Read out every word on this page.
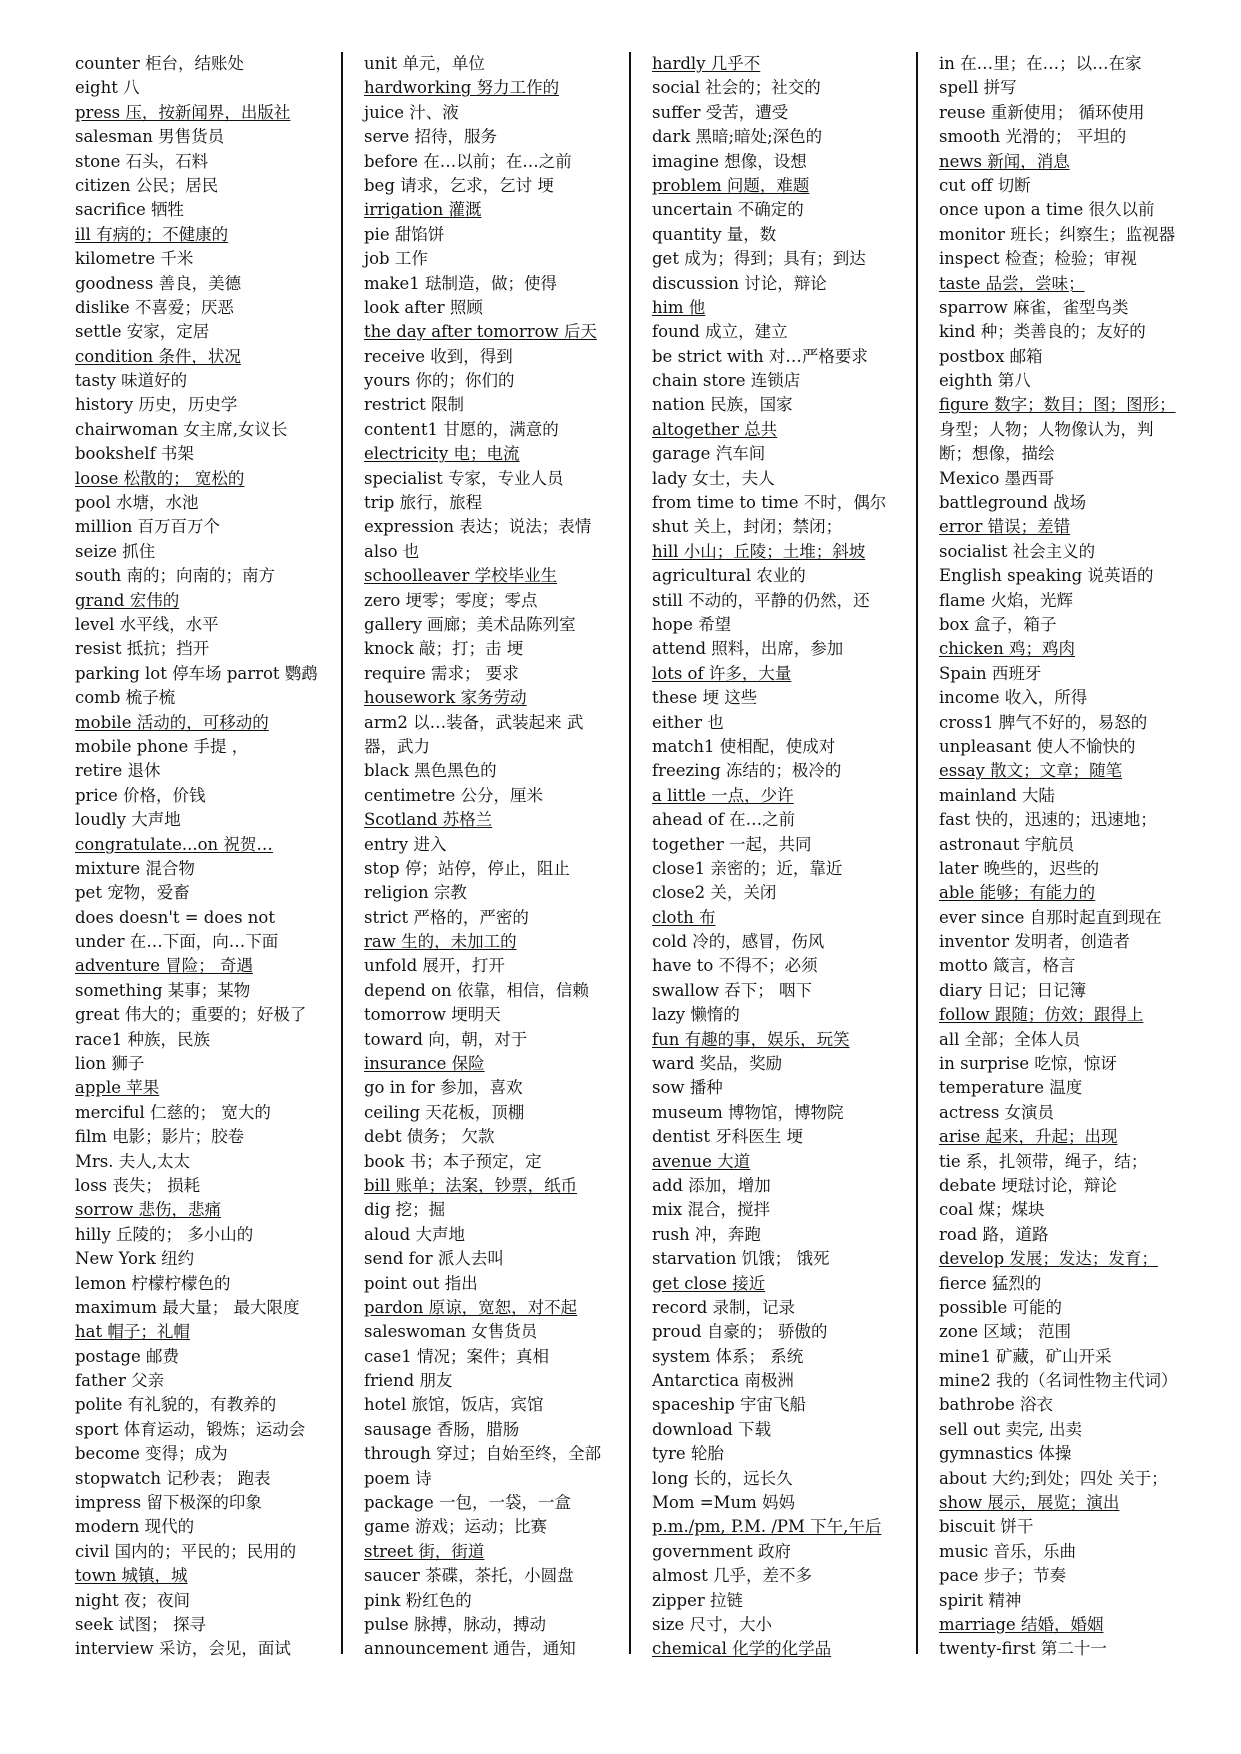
counter 柜台，结账处
eight 八
press 压，按新闻界，出版社
salesman 男售货员
stone 石头，石料
citizen 公民；居民
sacrifice 牺牲
ill 有病的；不健康的
kilometre 千米
goodness 善良，美德
dislike 不喜爱；厌恶
settle 安家，定居
condition 条件，状况
tasty 味道好的
history 历史，历史学
chairwoman 女主席,女议长
bookshelf 书架
loose 松散的； 宽松的
pool 水塘，水池
million 百万百万个
seize 抓住
south 南的；向南的；南方
grand 宏伟的
level 水平线，水平
resist 抵抗；挡开
parking lot 停车场 parrot 鹦鹉
comb 梳子梳
mobile 活动的，可移动的
mobile phone 手提 ，
retire 退休
price 价格，价钱
loudly 大声地
congratulate...on 祝贺…
mixture 混合物
pet 宠物，爱畜
does doesn't = does not
under 在…下面，向…下面
adventure 冒险； 奇遇
something 某事；某物
great 伟大的；重要的；好极了
race1 种族，民族
lion 狮子
apple 苹果
merciful 仁慈的； 宽大的
film 电影；影片；胶卷
Mrs. 夫人,太太
loss 丧失； 损耗
sorrow 悲伤，悲痛
hilly 丘陵的； 多小山的
New York 纽约
lemon 柠檬柠檬色的
maximum 最大量； 最大限度
hat 帽子；礼帽
postage 邮费
father 父亲
polite 有礼貌的，有教养的
sport 体育运动，锻炼；运动会
become 变得；成为
stopwatch 记秒表； 跑表
impress 留下极深的印象
modern 现代的
civil 国内的；平民的；民用的
town 城镇，城
night 夜；夜间
seek 试图； 探寻
interview 采访，会见，面试
unit 单元，单位
hardworking 努力工作的
juice 汁、液
serve 招待，服务
before 在…以前；在…之前
beg 请求，乞求，乞讨 埂
irrigation 灌溉
pie 甜馅饼
job 工作
make1 琺制造，做；使得
look after 照顾
the day after tomorrow 后天
receive 收到，得到
yours 你的；你们的
restrict 限制
content1 甘愿的，满意的
electricity 电；电流
specialist 专家，专业人员
trip 旅行，旅程
expression 表达；说法；表情
also 也
schoolleaver 学校毕业生
zero 埂零；零度；零点
gallery 画廊；美术品陈列室
knock 敲；打；击 埂
require 需求； 要求
housework 家务劳动
arm2 以…装备，武装起来 武
器，武力
black 黑色黑色的
centimetre 公分，厘米
Scotland 苏格兰
entry 进入
stop 停；站停，停止，阻止
religion 宗教
strict 严格的，严密的
raw 生的，未加工的
unfold 展开，打开
depend on 依靠，相信，信赖
tomorrow 埂明天
toward 向，朝，对于
insurance 保险
go in for 参加，喜欢
ceiling 天花板，顶棚
debt 债务； 欠款
book 书；本子预定，定
bill 账单；法案，钞票，纸币
dig 挖；掘
aloud 大声地
send for 派人去叫
point out 指出
pardon 原谅，宽恕，对不起
saleswoman 女售货员
case1 情况；案件；真相
friend 朋友
hotel 旅馆，饭店，宾馆
sausage 香肠，腊肠
through 穿过；自始至终，全部
poem 诗
package 一包，一袋，一盒
game 游戏；运动；比赛
street 街，街道
saucer 茶碟，茶托，小圆盘
pink 粉红色的
pulse 脉搏，脉动，搏动
announcement 通告，通知
hardly 几乎不
social 社会的；社交的
suffer 受苦，遭受
dark 黑暗;暗处;深色的
imagine 想像，设想
problem 问题，难题
uncertain 不确定的
quantity 量，数
get 成为；得到；具有；到达
discussion 讨论，辩论
him 他
found 成立，建立
be strict with 对…严格要求
chain store 连锁店
nation 民族，国家
altogether 总共
garage 汽车间
lady 女士，夫人
from time to time 不时，偶尔
shut 关上，封闭；禁闭；
hill 小山；丘陵；土堆；斜坡
agricultural 农业的
still 不动的，平静的仍然，还
hope 希望
attend 照料，出席，参加
lots of 许多，大量
these 埂 这些
either 也
match1 使相配，使成对
freezing 冻结的；极冷的
a little 一点，少许
ahead of 在…之前
together 一起，共同
close1 亲密的；近，靠近
close2 关，关闭
cloth 布
cold 冷的，感冒，伤风
have to 不得不；必须
swallow 吞下； 咽下
lazy 懒惰的
fun 有趣的事，娱乐，玩笑
ward 奖品，奖励
sow 播种
museum 博物馆，博物院
dentist 牙科医生 埂
avenue 大道
add 添加，增加
mix 混合，搅拌
rush 冲，奔跑
starvation 饥饿； 饿死
get close 接近
record 录制，记录
proud 自豪的； 骄傲的
system 体系； 系统
Antarctica 南极洲
spaceship 宇宙飞船
download 下载
tyre 轮胎
long 长的，远长久
Mom =Mum 妈妈
p.m./pm, P.M. /PM 下午,午后
government 政府
almost 几乎，差不多
zipper 拉链
size 尺寸，大小
chemical 化学的化学品
in 在…里；在…；以…在家
spell 拼写
reuse 重新使用； 循环使用
smooth 光滑的； 平坦的
news 新闻，消息
cut off 切断
once upon a time 很久以前
monitor 班长；纠察生；监视器
inspect 检查；检验；审视
taste 品尝，尝味；
sparrow 麻雀，雀型鸟类
kind 种；类善良的；友好的
postbox 邮箱
eighth 第八
figure 数字；数目；图；图形；
身型；人物；人物像认为，判
断；想像，描绘
Mexico 墨西哥
battleground 战场
error 错误；差错
socialist 社会主义的
English speaking 说英语的
flame 火焰，光辉
box 盒子，箱子
chicken 鸡；鸡肉
Spain 西班牙
income 收入，所得
cross1 脾气不好的，易怒的
unpleasant 使人不愉快的
essay 散文；文章；随笔
mainland 大陆
fast 快的，迅速的；迅速地；
astronaut 宇航员
later 晚些的，迟些的
able 能够；有能力的
ever since 自那时起直到现在
inventor 发明者，创造者
motto 箴言，格言
diary 日记；日记簿
follow 跟随；仿效；跟得上
all 全部；全体人员
in surprise 吃惊，惊讶
temperature 温度
actress 女演员
arise 起来，升起；出现
tie 系，扎领带，绳子，结；
debate 埂琺讨论，辩论
coal 煤；煤块
road 路，道路
develop 发展；发达；发育；
fierce 猛烈的
possible 可能的
zone 区域； 范围
mine1 矿藏，矿山开采
mine2 我的（名词性物主代词）
bathrobe 浴衣
sell out 卖完, 出卖
gymnastics 体操
about 大约;到处；四处 关于；
show 展示，展览；演出
biscuit 饼干
music 音乐，乐曲
pace 步子；节奏
spirit 精神
marriage 结婚，婚姻
twenty-first 第二十一
